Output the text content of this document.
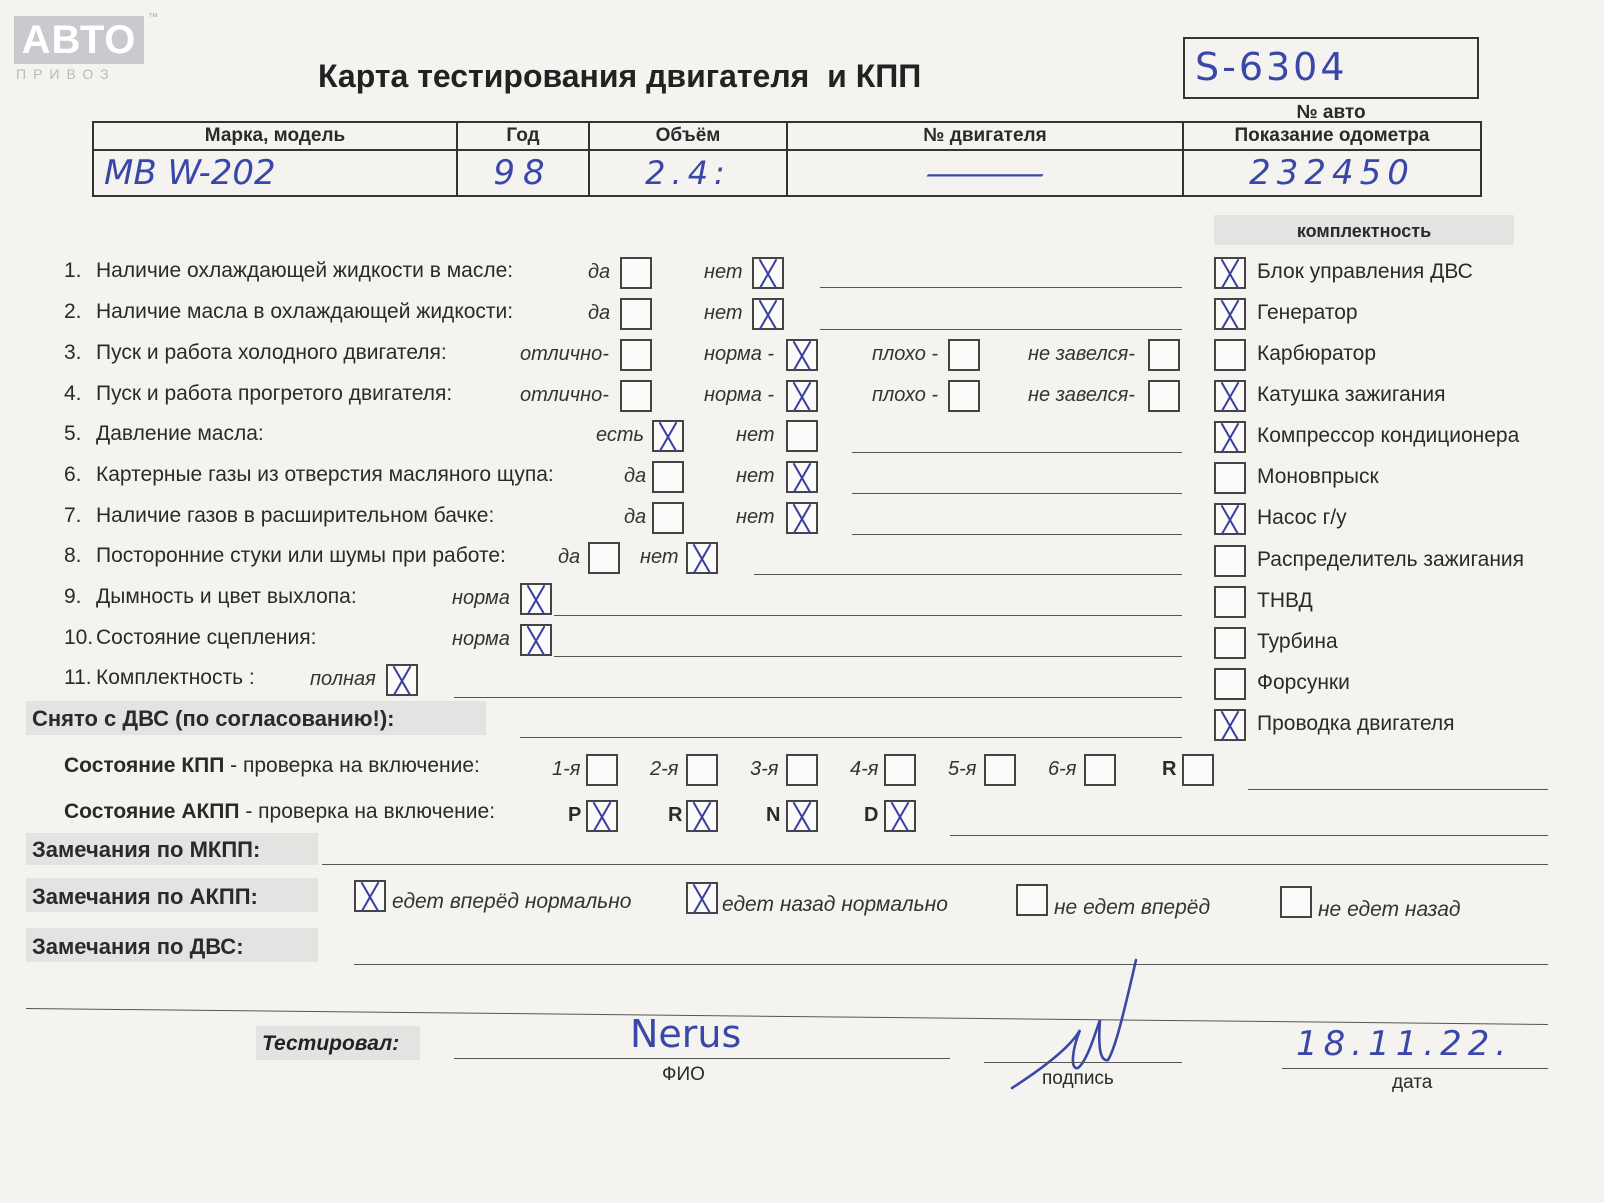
АВТО
™
ПРИВОЗ	Карта тестирования двигателя  и КПП	S-6304
№ авто
Марка, модель	Год	Объём	№ двигателя	Показание одометра

MB W-202	98	2.4:	—	232450
комплектность
Блок управления ДВС
Генератор
Карбюратор
Катушка зажигания
Компрессор кондиционера
Моновпрыск
Насос г/у
Распределитель зажигания
ТНВД
Турбина
Форсунки
Проводка двигателя
1. Наличие охлаждающей жидкости в масле:	да	нет
2. Наличие масла в охлаждающей жидкости:	да	нет
3. Пуск и работа холодного двигателя:	отлично-	норма -	плохо -	не завелся-
4. Пуск и работа прогретого двигателя:	отлично-	норма -	плохо -	не завелся-
5. Давление масла:	есть	нет
6. Картерные газы из отверстия масляного щупа:	да	нет
7. Наличие газов в расширительном бачке:	да	нет
8. Посторонние стуки или шумы при работе:	да	нет
9. Дымность и цвет выхлопа:	норма
10. Состояние сцепления:	норма
11. Комплектность :	полная
Снято с ДВС (по согласованию!):
Состояние КПП - проверка на включение:	1-я	2-я	3-я	4-я	5-я	6-я	R
Состояние АКПП - проверка на включение:	P	R	N	D
Замечания по МКПП:
Замечания по АКПП:	едет вперёд нормально	едет назад нормально	не едет вперёд	не едет назад
Замечания по ДВС:
Тестировал:	Nerus
ФИО	подпись
18.11.22.
дата
